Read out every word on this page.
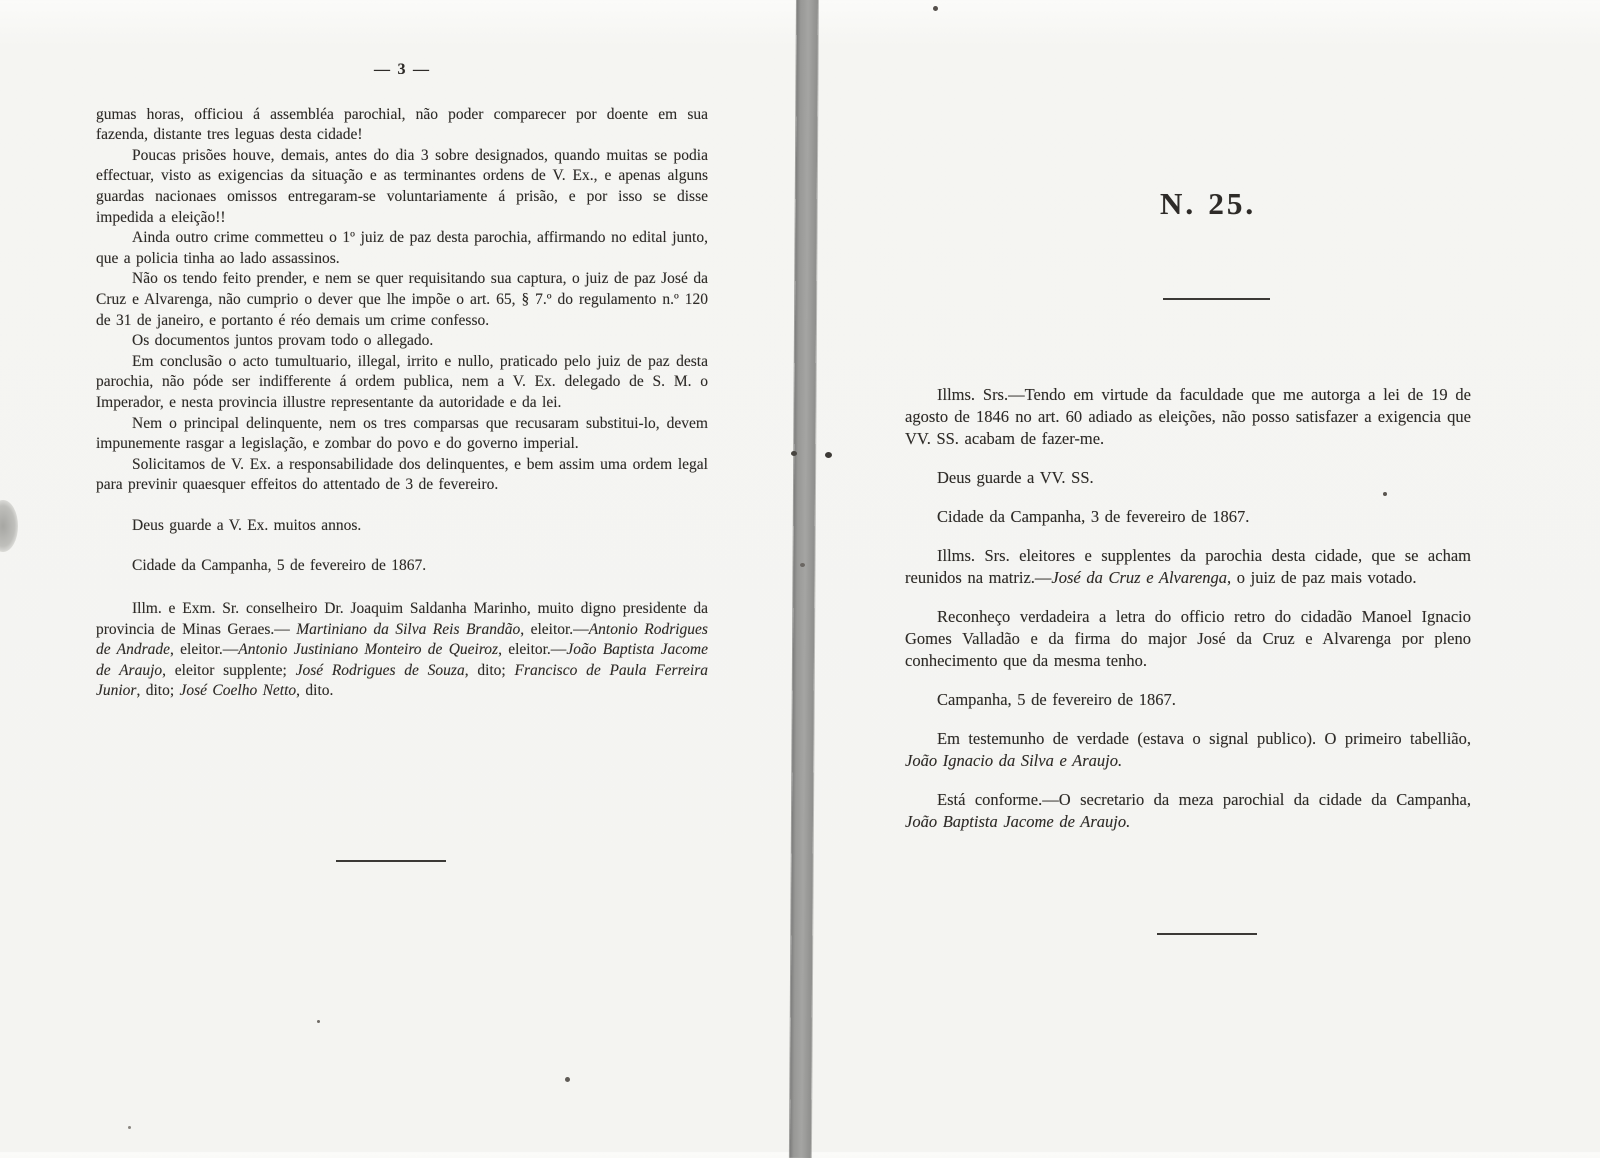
— 3 —

gumas horas, officiou á assembléa parochial, não poder comparecer por doente em sua fazenda, distante tres leguas desta cidade!

Poucas prisões houve, demais, antes do dia 3 sobre designados, quando muitas se podia effectuar, visto as exigencias da situação e as terminantes ordens de V. Ex., e apenas alguns guardas nacionaes omissos entregaram-se voluntariamente á prisão, e por isso se disse impedida a eleição!!

Ainda outro crime commetteu o 1º juiz de paz desta parochia, affirmando no edital junto, que a policia tinha ao lado assassinos.

Não os tendo feito prender, e nem se quer requisitando sua captura, o juiz de paz José da Cruz e Alvarenga, não cumprio o dever que lhe impõe o art. 65, § 7.º do regulamento n.º 120 de 31 de janeiro, e portanto é réo demais um crime confesso.

Os documentos juntos provam todo o allegado.

Em conclusão o acto tumultuario, illegal, irrito e nullo, praticado pelo juiz de paz desta parochia, não póde ser indifferente á ordem publica, nem a V. Ex. delegado de S. M. o Imperador, e nesta provincia illustre representante da autoridade e da lei.

Nem o principal delinquente, nem os tres comparsas que recusaram substitui-lo, devem impunemente rasgar a legislação, e zombar do povo e do governo imperial.

Solicitamos de V. Ex. a responsabilidade dos delinquentes, e bem assim uma ordem legal para previnir quaesquer effeitos do attentado de 3 de fevereiro.

Deus guarde a V. Ex. muitos annos.

Cidade da Campanha, 5 de fevereiro de 1867.

Illm. e Exm. Sr. conselheiro Dr. Joaquim Saldanha Marinho, muito digno presidente da provincia de Minas Geraes.— Martiniano da Silva Reis Brandão, eleitor.—Antonio Rodrigues de Andrade, eleitor.—Antonio Justiniano Monteiro de Queiroz, eleitor.—João Baptista Jacome de Araujo, eleitor supplente; José Rodrigues de Souza, dito; Francisco de Paula Ferreira Junior, dito; José Coelho Netto, dito.

N. 25.

Illms. Srs.—Tendo em virtude da faculdade que me autorga a lei de 19 de agosto de 1846 no art. 60 adiado as eleições, não posso satisfazer a exigencia que VV. SS. acabam de fazer-me.

Deus guarde a VV. SS.

Cidade da Campanha, 3 de fevereiro de 1867.

Illms. Srs. eleitores e supplentes da parochia desta cidade, que se acham reunidos na matriz.—José da Cruz e Alvarenga, o juiz de paz mais votado.

Reconheço verdadeira a letra do officio retro do cidadão Manoel Ignacio Gomes Valladão e da firma do major José da Cruz e Alvarenga por pleno conhecimento que da mesma tenho.

Campanha, 5 de fevereiro de 1867.

Em testemunho de verdade (estava o signal publico). O primeiro tabellião, João Ignacio da Silva e Araujo.

Está conforme.—O secretario da meza parochial da cidade da Campanha, João Baptista Jacome de Araujo.
